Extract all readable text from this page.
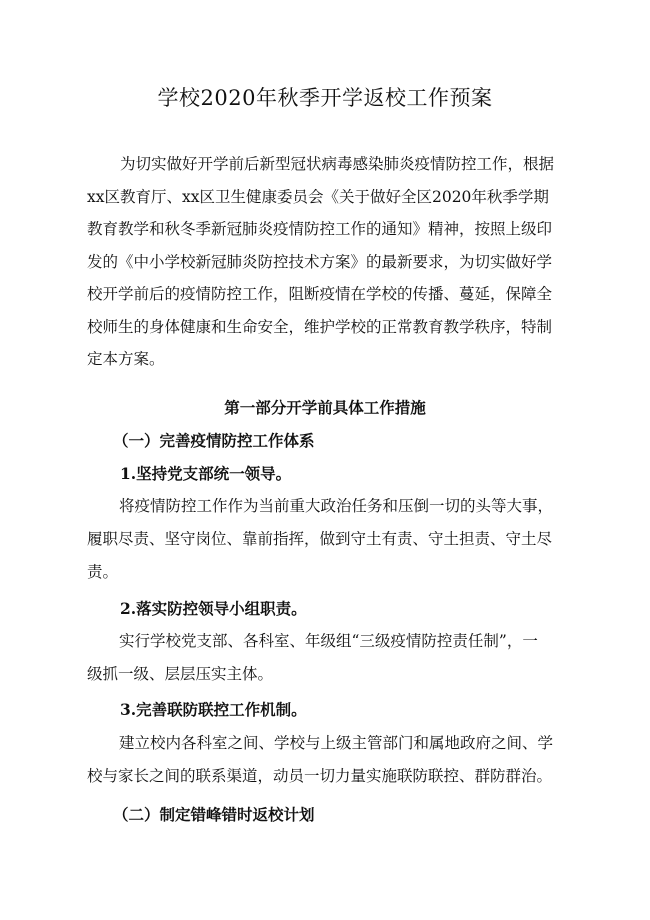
学校2020年秋季开学返校工作预案

为切实做好开学前后新型冠状病毒感染肺炎疫情防控工作，根据
xx区教育厅、xx区卫生健康委员会《关于做好全区2020年秋季学期
教育教学和秋冬季新冠肺炎疫情防控工作的通知》精神，按照上级印
发的《中小学校新冠肺炎防控技术方案》的最新要求，为切实做好学
校开学前后的疫情防控工作，阻断疫情在学校的传播、蔓延，保障全
校师生的身体健康和生命安全，维护学校的正常教育教学秩序，特制
定本方案。

第一部分开学前具体工作措施
（一）完善疫情防控工作体系
1.坚持党支部统一领导。

将疫情防控工作作为当前重大政治任务和压倒一切的头等大事，
履职尽责、坚守岗位、靠前指挥，做到守土有责、守土担责、守土尽
责。

2.落实防控领导小组职责。

实行学校党支部、各科室、年级组“三级疫情防控责任制”，一
级抓一级、层层压实主体。

3.完善联防联控工作机制。

建立校内各科室之间、学校与上级主管部门和属地政府之间、学
校与家长之间的联系渠道，动员一切力量实施联防联控、群防群治。

（二）制定错峰错时返校计划
